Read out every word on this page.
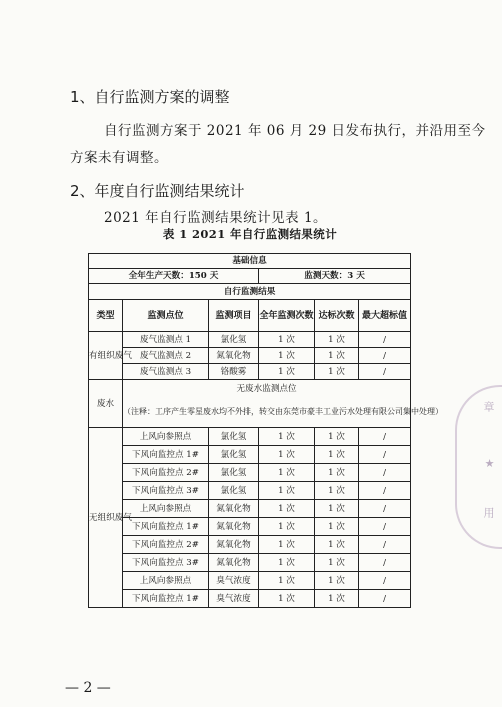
1、自行监测方案的调整
自行监测方案于 2021 年 06 月 29 日发布执行，并沿用至今
方案未有调整。
2、年度自行监测结果统计
2021 年自行监测结果统计见表 1。
表 1 2021 年自行监测结果统计
基础信息					
全年生产天数：150 天			监测天数：3 天		
自行监测结果					
类型	监测点位	监测项目	全年监测次数	达标次数	最大超标值
有组织废气	废气监测点 1	氯化氢	1 次	1 次	/
	废气监测点 2	氮氧化物	1 次	1 次	/
	废气监测点 3	铬酸雾	1 次	1 次	/
废水	无废水监测点位				
	（注释：工序产生零星废水均不外排，转交由东莞市豪丰工业污水处理有限公司集中处理）				
无组织废气	上风向参照点	氯化氢	1 次	1 次	/
	下风向监控点 1#	氯化氢	1 次	1 次	/
	下风向监控点 2#	氯化氢	1 次	1 次	/
	下风向监控点 3#	氯化氢	1 次	1 次	/
	上风向参照点	氮氧化物	1 次	1 次	/
	下风向监控点 1#	氮氧化物	1 次	1 次	/
	下风向监控点 2#	氮氧化物	1 次	1 次	/
	下风向监控点 3#	氮氧化物	1 次	1 次	/
	上风向参照点	臭气浓度	1 次	1 次	/
	下风向监控点 1#	臭气浓度	1 次	1 次	/
— 2 —
章
★
用
